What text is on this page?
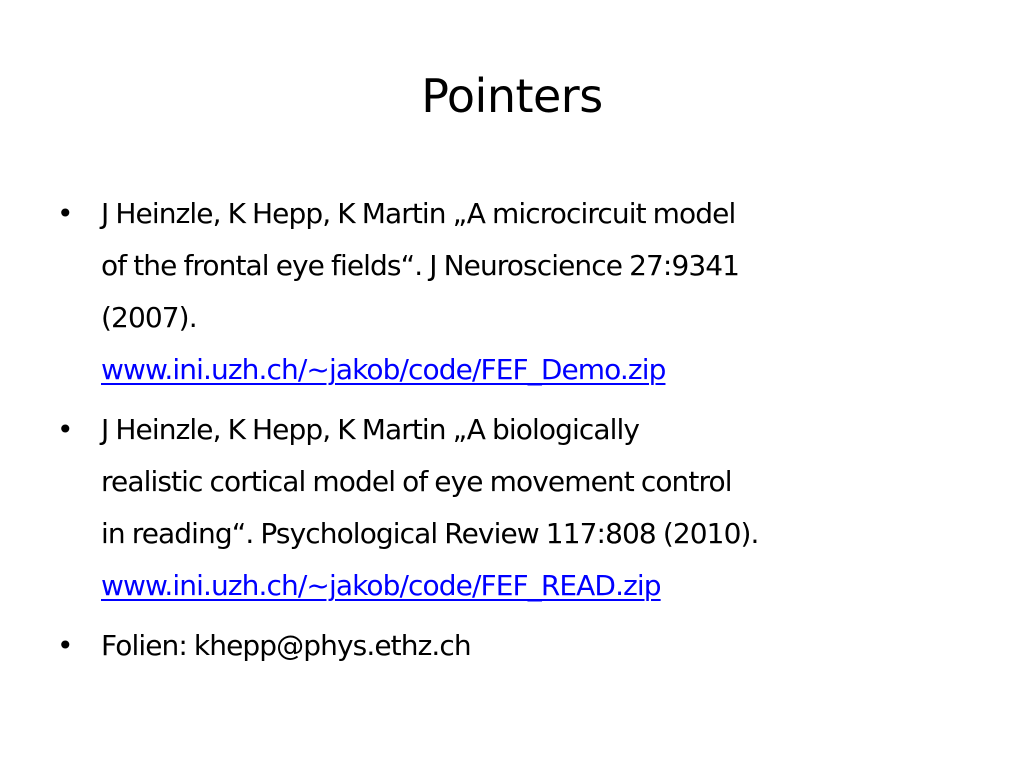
Pointers
•	J Heinzle, K Hepp, K Martin „A microcircuit model
of the frontal eye fields“. J Neuroscience 27:9341
(2007).
www.ini.uzh.ch/~jakob/code/FEF_Demo.zip
•	J Heinzle, K Hepp, K Martin „A biologically
realistic cortical model of eye movement control
in reading“. Psychological Review 117:808 (2010).
www.ini.uzh.ch/~jakob/code/FEF_READ.zip
•	Folien: khepp@phys.ethz.ch
